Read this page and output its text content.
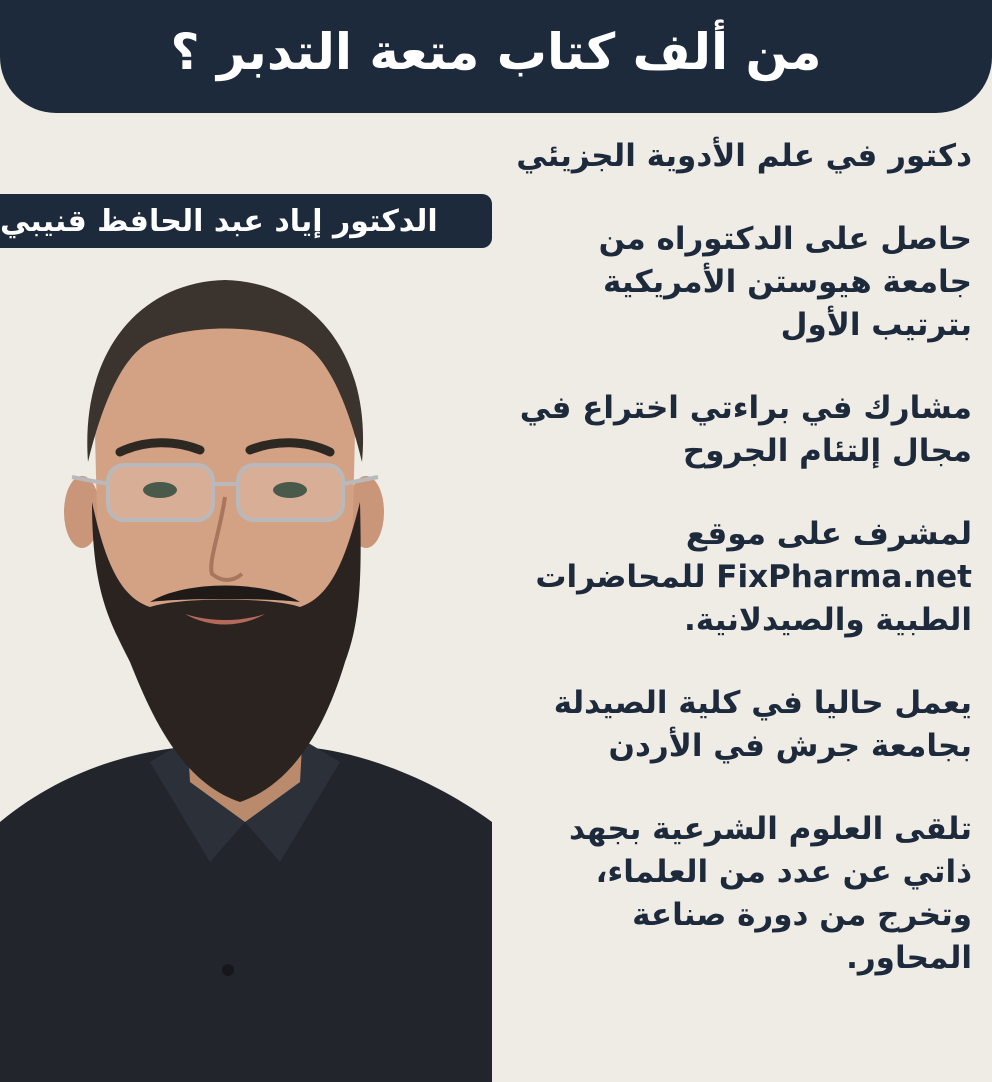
من ألف كتاب متعة التدبر ؟
الدكتور إياد عبد الحافظ قنيبي
دكتور في علم الأدوية الجزيئي
حاصل على الدكتوراه من
جامعة هيوستن الأمريكية
بترتيب الأول
مشارك في براءتي اختراع في
مجال إلتئام الجروح
لمشرف على موقع
FixPharma.net للمحاضرات
الطبية والصيدلانية.
يعمل حاليا في كلية الصيدلة
بجامعة جرش في الأردن
تلقى العلوم الشرعية بجهد
ذاتي عن عدد من العلماء،
وتخرج من دورة صناعة
المحاور.
